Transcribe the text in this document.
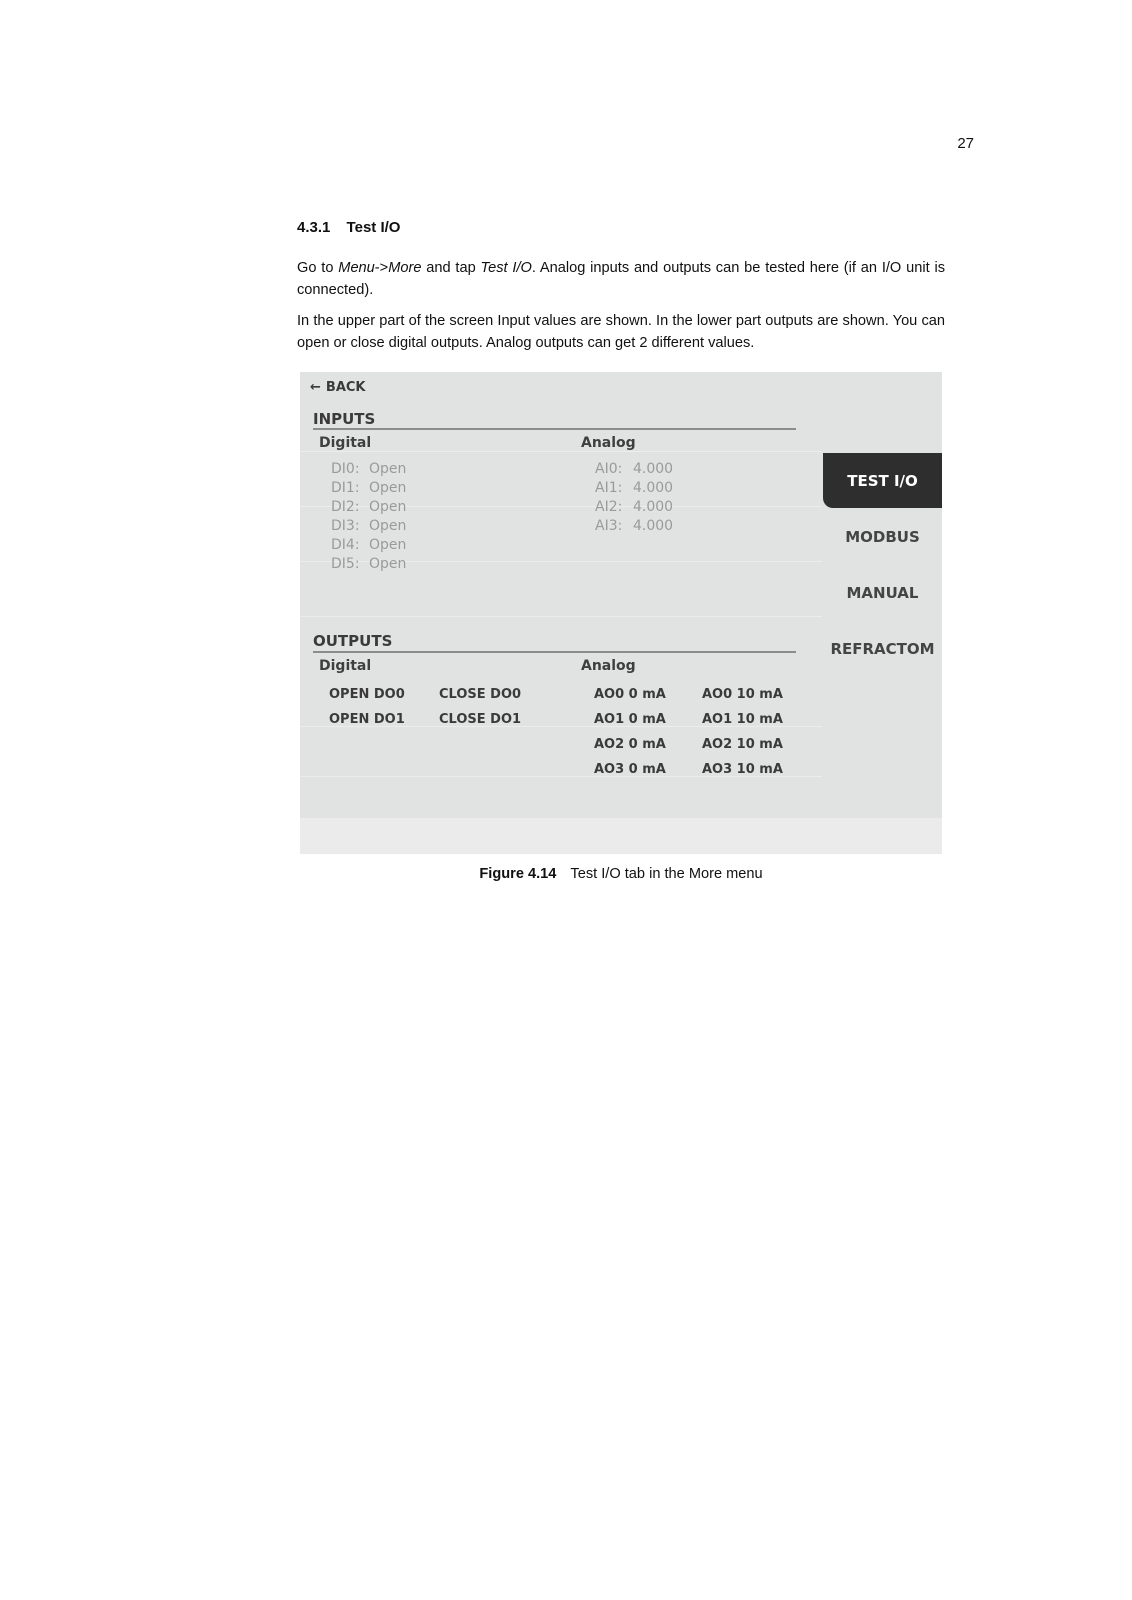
27
4.3.1 Test I/O

Go to Menu->More and tap Test I/O. Analog inputs and outputs can be tested here (if an I/O unit is connected).

In the upper part of the screen Input values are shown. In the lower part outputs are shown. You can open or close digital outputs. Analog outputs can get 2 different values.

← BACK
INPUTS
Digital	Analog
DI0: Open
DI1: Open
DI2: Open
DI3: Open
DI4: Open
DI5: Open
AI0: 4.000
AI1: 4.000
AI2: 4.000
AI3: 4.000
OUTPUTS
Digital	Analog
OPEN DO0
OPEN DO1
CLOSE DO0
CLOSE DO1
AO0 0 mA
AO1 0 mA
AO2 0 mA
AO3 0 mA
AO0 10 mA
AO1 10 mA
AO2 10 mA
AO3 10 mA
TEST I/O
MODBUS
MANUAL
REFRACTOM
Figure 4.14 Test I/O tab in the More menu
